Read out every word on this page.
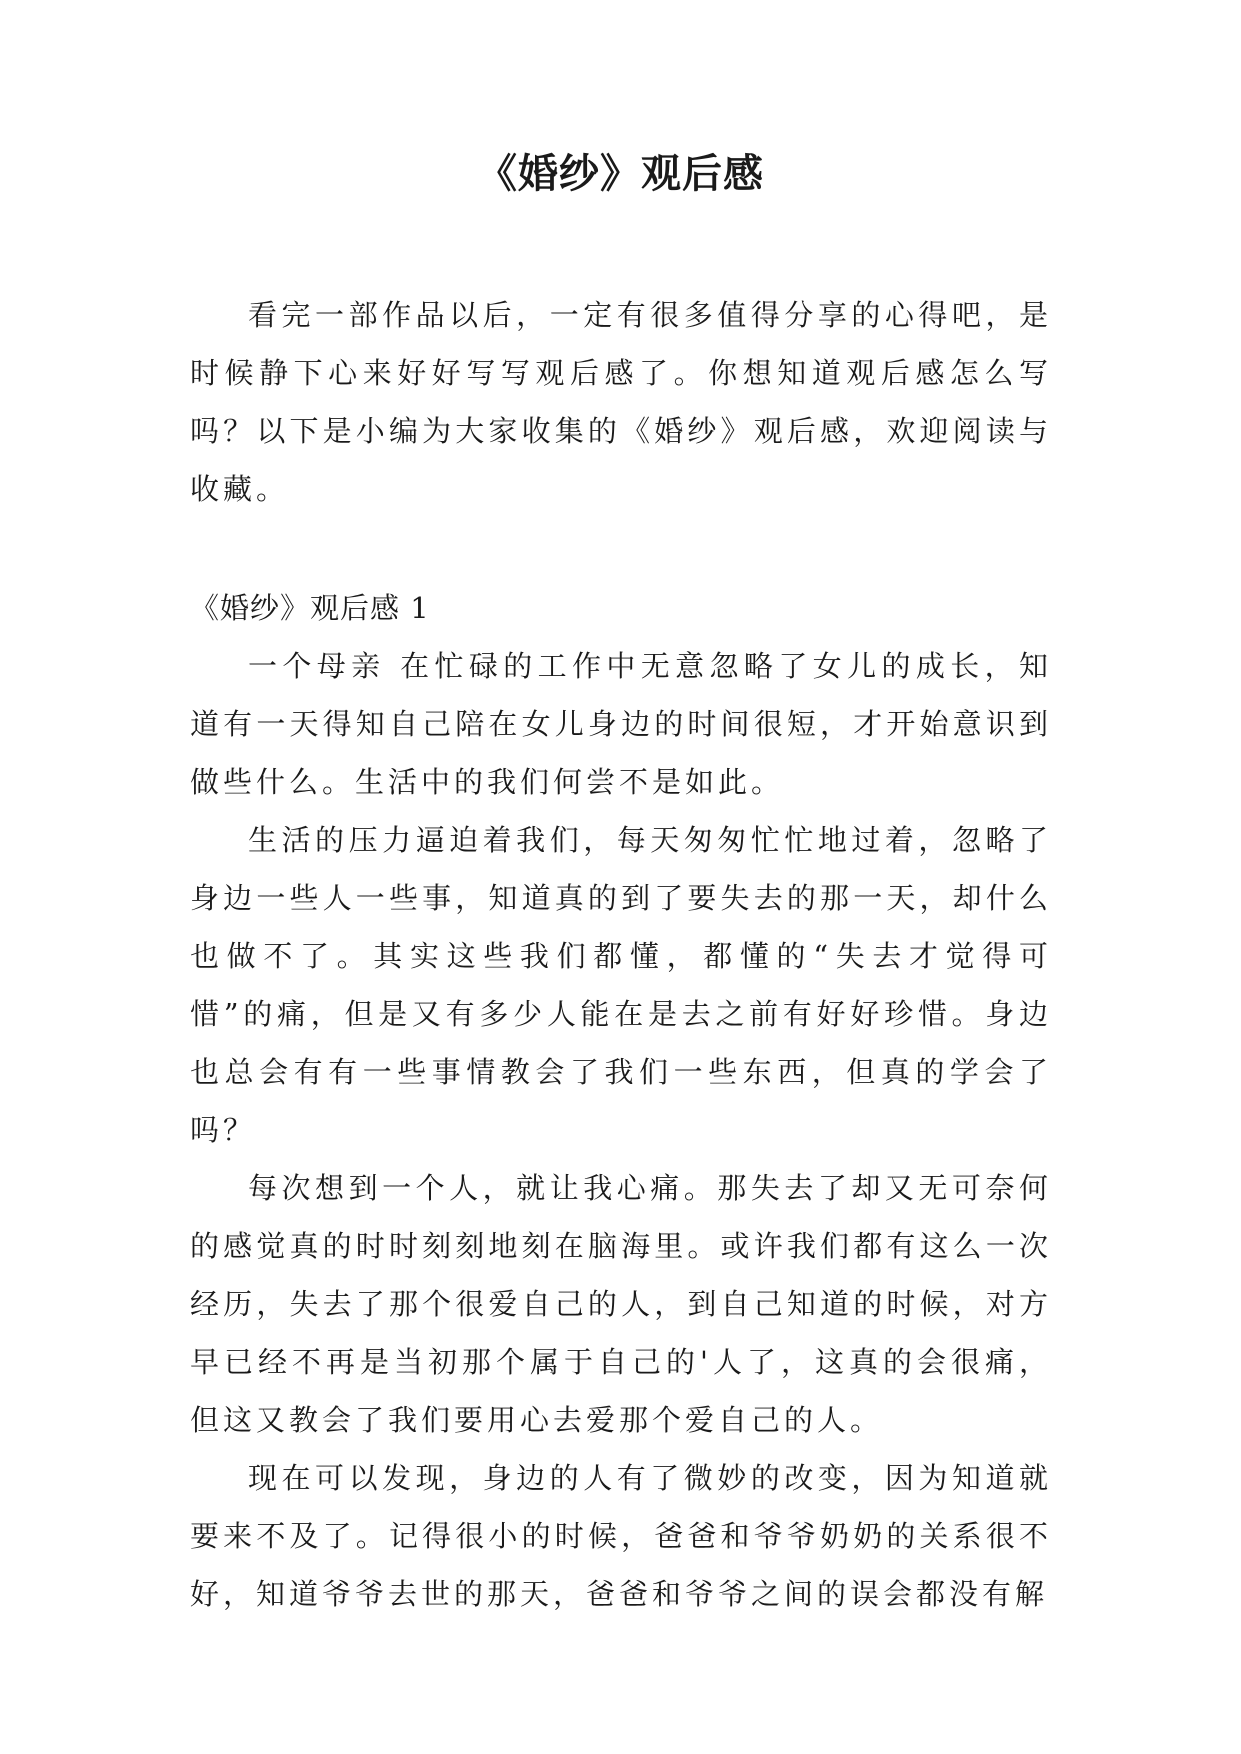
《婚纱》观后感

看完一部作品以后，一定有很多值得分享的心得吧，是时候静下心来好好写写观后感了。你想知道观后感怎么写吗？以下是小编为大家收集的《婚纱》观后感，欢迎阅读与收藏。

《婚纱》观后感 1

一个母亲 在忙碌的工作中无意忽略了女儿的成长，知道有一天得知自己陪在女儿身边的时间很短，才开始意识到做些什么。生活中的我们何尝不是如此。

生活的压力逼迫着我们，每天匆匆忙忙地过着，忽略了身边一些人一些事，知道真的到了要失去的那一天，却什么也做不了。其实这些我们都懂，都懂的“失去才觉得可惜”的痛，但是又有多少人能在是去之前有好好珍惜。身边也总会有有一些事情教会了我们一些东西，但真的学会了吗？

每次想到一个人，就让我心痛。那失去了却又无可奈何的感觉真的时时刻刻地刻在脑海里。或许我们都有这么一次经历，失去了那个很爱自己的人，到自己知道的时候，对方早已经不再是当初那个属于自己的'人了，这真的会很痛，但这又教会了我们要用心去爱那个爱自己的人。

现在可以发现，身边的人有了微妙的改变，因为知道就要来不及了。记得很小的时候，爸爸和爷爷奶奶的关系很不好，知道爷爷去世的那天，爸爸和爷爷之间的误会都没有解
